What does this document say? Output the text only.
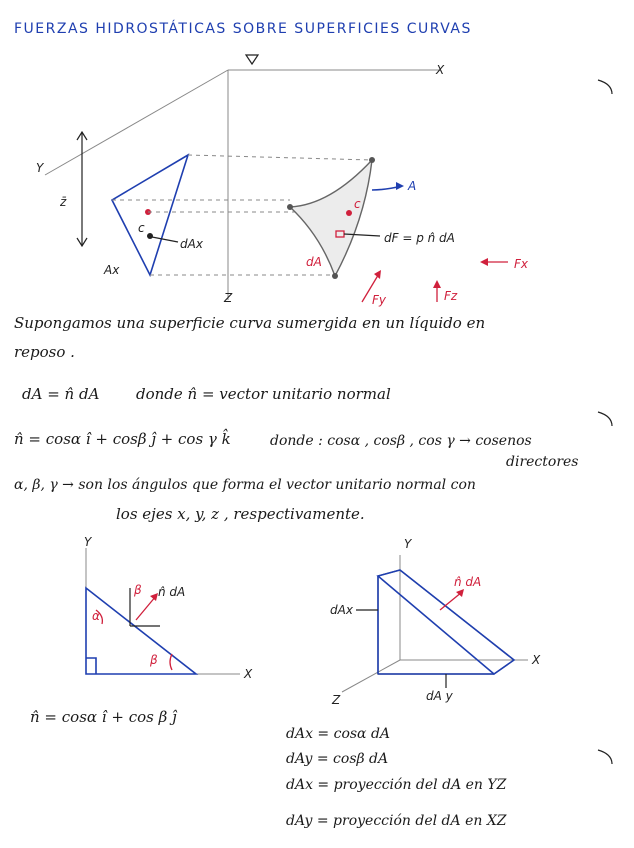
FUERZAS HIDROSTÁTICAS SOBRE SUPERFICIES CURVAS
X
Y
Z
z̄
c
dAx
Ax
A
c
dA
dF = p n̂ dA
Fy	Fz
Fx
Y
X
α
β
β n̂ dA
Y
X
Z
n̂ dA
dAx
dA y
Supongamos una superficie curva sumergida en un líquido en
reposo .
dA = n̂ dA donde n̂ = vector unitario normal
n̂ = cosα î + cosβ ĵ + cos γ k̂	donde : cosα , cosβ , cos γ → cosenos
directores
α, β, γ → son los ángulos que forma el vector unitario normal con
los ejes x, y, z , respectivamente.
n̂ = cosα î + cos β ĵ
dAx = cosα dA
dAy = cosβ dA
dAx = proyección del dA en YZ
dAy = proyección del dA en XZ
